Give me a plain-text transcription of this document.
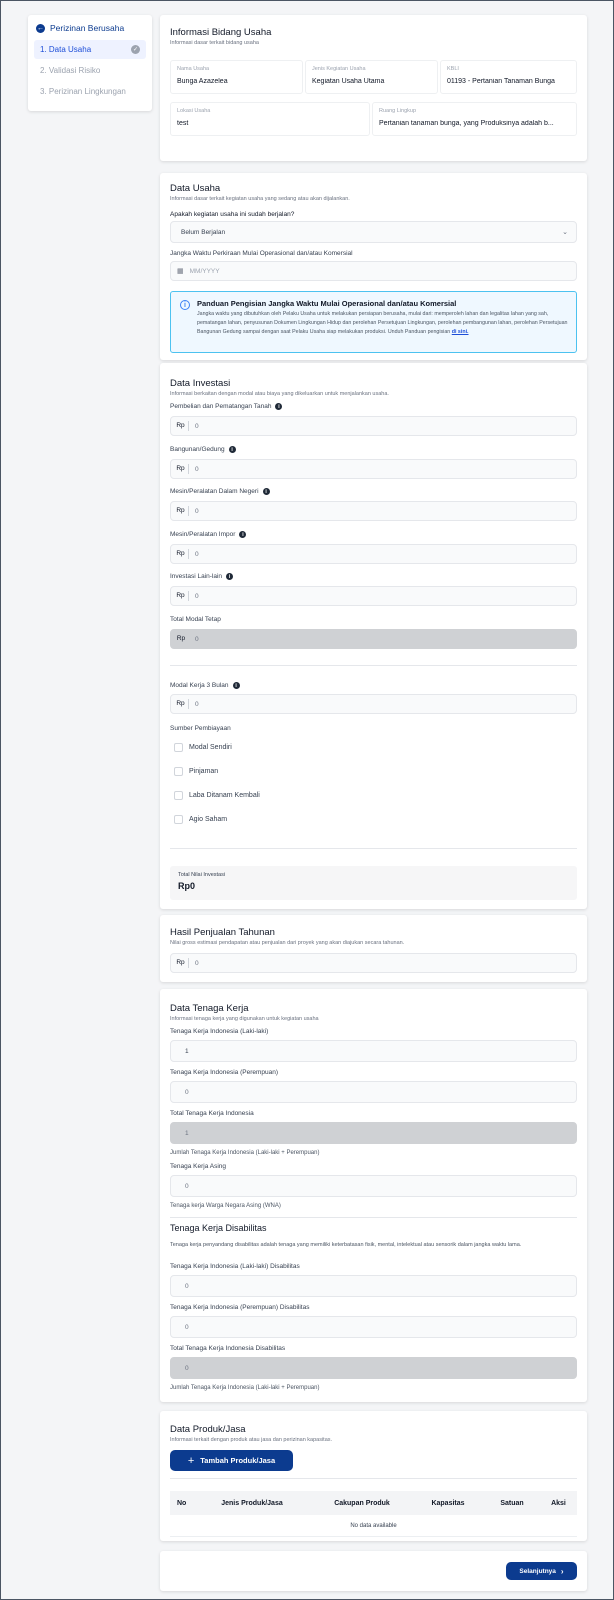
← Perizinan Berusaha
1. Data Usaha	✓
2. Validasi Risiko
3. Perizinan Lingkungan
Informasi Bidang Usaha
Informasi dasar terkait bidang usaha
Nama Usaha
Bunga Azazelea
Jenis Kegiatan Usaha
Kegiatan Usaha Utama
KBLI
01193 - Pertanian Tanaman Bunga
Lokasi Usaha
test
Ruang Lingkup
Pertanian tanaman bunga, yang Produksinya adalah b...
Data Usaha
Informasi dasar terkait kegiatan usaha yang sedang atau akan dijalankan.
Apakah kegiatan usaha ini sudah berjalan?
Belum Berjalan	⌄
Jangka Waktu Perkiraan Mulai Operasional dan/atau Komersial
▦ MM/YYYY
i	Panduan Pengisian Jangka Waktu Mulai Operasional dan/atau Komersial
Jangka waktu yang dibutuhkan oleh Pelaku Usaha untuk melakukan persiapan berusaha, mulai dari: memperoleh lahan dan legalitas lahan yang sah, pematangan lahan, penyusunan Dokumen Lingkungan Hidup dan perolehan Persetujuan Lingkungan, perolehan pembangunan lahan, perolehan Persetujuan Bangunan Gedung sampai dengan saat Pelaku Usaha siap melakukan produksi. Unduh Panduan pengisian di sini.
Data Investasi
Informasi berkaitan dengan modal atau biaya yang dikeluarkan untuk menjalankan usaha.
Pembelian dan Pematangan Tanah	i
Rp	0
Bangunan/Gedung	i
Rp	0
Mesin/Peralatan Dalam Negeri	i
Rp	0
Mesin/Peralatan Impor	i
Rp	0
Investasi Lain-lain	i
Rp	0
Total Modal Tetap
Rp	0
Modal Kerja 3 Bulan	i
Rp	0
Sumber Pembiayaan
Modal Sendiri
Pinjaman
Laba Ditanam Kembali
Agio Saham
Total Nilai Investasi
Rp0
Hasil Penjualan Tahunan
Nilai gross estimasi pendapatan atau penjualan dari proyek yang akan diajukan secara tahunan.
Rp	0
Data Tenaga Kerja
Informasi tenaga kerja yang digunakan untuk kegiatan usaha
Tenaga Kerja Indonesia (Laki-laki)
1
Tenaga Kerja Indonesia (Perempuan)
0
Total Tenaga Kerja Indonesia
1
Jumlah Tenaga Kerja Indonesia (Laki-laki + Perempuan)
Tenaga Kerja Asing
0
Tenaga kerja Warga Negara Asing (WNA)
Tenaga Kerja Disabilitas
Tenaga kerja penyandang disabilitas adalah tenaga yang memiliki keterbatasan fisik, mental, intelektual atau sensorik dalam jangka waktu lama.
Tenaga Kerja Indonesia (Laki-laki) Disabilitas
0
Tenaga Kerja Indonesia (Perempuan) Disabilitas
0
Total Tenaga Kerja Indonesia Disabilitas
0
Jumlah Tenaga Kerja Indonesia (Laki-laki + Perempuan)
Data Produk/Jasa
Informasi terkait dengan produk atau jasa dan perizinan kapasitas.
+ Tambah Produk/Jasa
No	Jenis Produk/Jasa	Cakupan Produk	Kapasitas	Satuan	Aksi
No data available
Selanjutnya ›
